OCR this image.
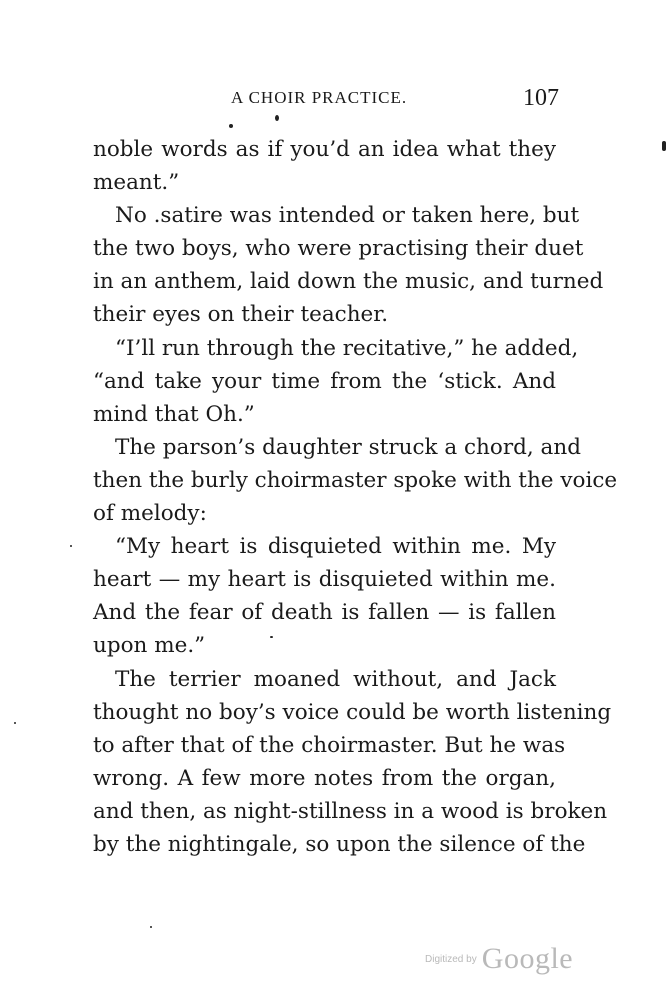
A CHOIR PRACTICE.	107
noble words as if you’d an idea what they
meant.”
No .satire was intended or taken here, but
the two boys, who were practising their duet
in an anthem, laid down the music, and turned
their eyes on their teacher.
“I’ll run through the recitative,” he added,
“and take your time from the ‘stick. And
mind that Oh.”
The parson’s daughter struck a chord, and
then the burly choirmaster spoke with the voice
of melody:
“My heart is disquieted within me. My
heart — my heart is disquieted within me.
And the fear of death is fallen — is fallen
upon me.”
The terrier moaned without, and Jack
thought no boy’s voice could be worth listening
to after that of the choirmaster. But he was
wrong. A few more notes from the organ,
and then, as night-stillness in a wood is broken
by the nightingale, so upon the silence of the
$^{Digitized by}$ Google
